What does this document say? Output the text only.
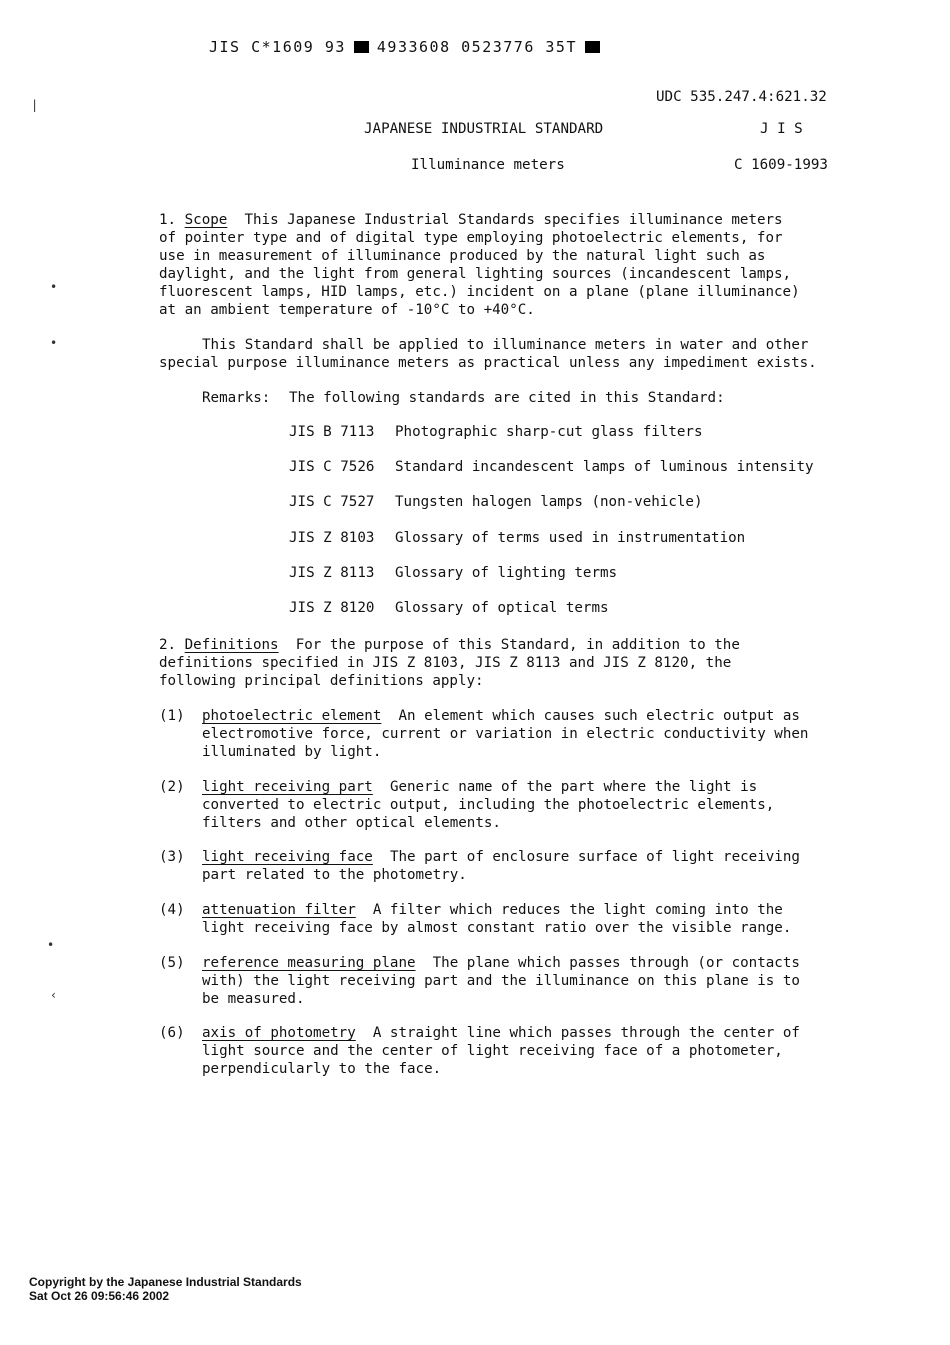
JIS C*1609 93 4933608 0523776 35T
UDC 535.247.4:621.32
JAPANESE INDUSTRIAL STANDARD	J I S
Illuminance meters	C 1609-1993
|
•
•
•
‹
1. Scope This Japanese Industrial Standards specifies illuminance meters
of pointer type and of digital type employing photoelectric elements, for
use in measurement of illuminance produced by the natural light such as
daylight, and the light from general lighting sources (incandescent lamps,
fluorescent lamps, HID lamps, etc.) incident on a plane (plane illuminance)
at an ambient temperature of -10°C to +40°C.
This Standard shall be applied to illuminance meters in water and other
special purpose illuminance meters as practical unless any impediment exists.
Remarks: The following standards are cited in this Standard:
JIS B 7113 Photographic sharp-cut glass filters
JIS C 7526 Standard incandescent lamps of luminous intensity
JIS C 7527 Tungsten halogen lamps (non-vehicle)
JIS Z 8103 Glossary of terms used in instrumentation
JIS Z 8113 Glossary of lighting terms
JIS Z 8120 Glossary of optical terms
2. Definitions For the purpose of this Standard, in addition to the
definitions specified in JIS Z 8103, JIS Z 8113 and JIS Z 8120, the
following principal definitions apply:
(1) photoelectric element An element which causes such electric output as
electromotive force, current or variation in electric conductivity when
illuminated by light.
(2) light receiving part Generic name of the part where the light is
converted to electric output, including the photoelectric elements,
filters and other optical elements.
(3) light receiving face The part of enclosure surface of light receiving
part related to the photometry.
(4) attenuation filter A filter which reduces the light coming into the
light receiving face by almost constant ratio over the visible range.
(5) reference measuring plane The plane which passes through (or contacts
with) the light receiving part and the illuminance on this plane is to
be measured.
(6) axis of photometry A straight line which passes through the center of
light source and the center of light receiving face of a photometer,
perpendicularly to the face.
Copyright by the Japanese Industrial Standards
Sat Oct 26 09:56:46 2002
